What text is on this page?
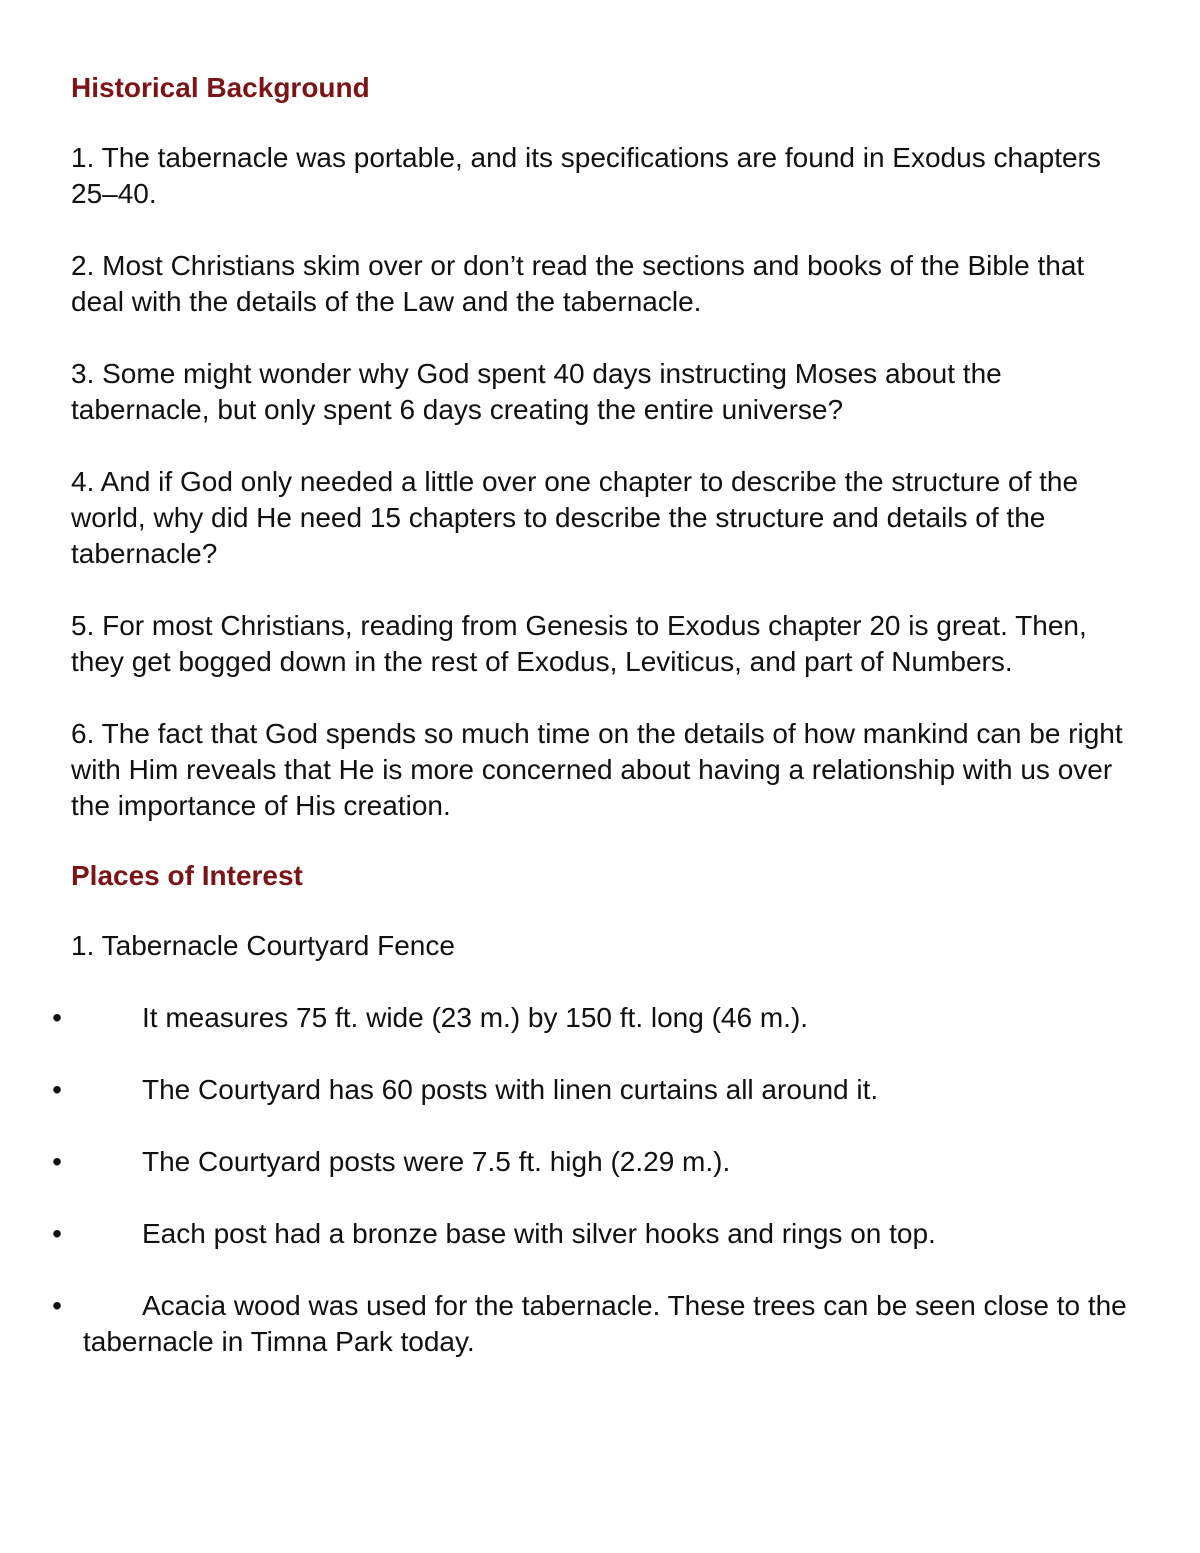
Historical Background

1. The tabernacle was portable, and its specifications are found in Exodus chapters 25–40.

2. Most Christians skim over or don’t read the sections and books of the Bible that deal with the details of the Law and the tabernacle.

3. Some might wonder why God spent 40 days instructing Moses about the tabernacle, but only spent 6 days creating the entire universe?

4. And if God only needed a little over one chapter to describe the structure of the world, why did He need 15 chapters to describe the structure and details of the tabernacle?

5. For most Christians, reading from Genesis to Exodus chapter 20 is great. Then, they get bogged down in the rest of Exodus, Leviticus, and part of Numbers.

6. The fact that God spends so much time on the details of how mankind can be right with Him reveals that He is more concerned about having a relationship with us over the importance of His creation.

Places of Interest

1. Tabernacle Courtyard Fence

•	It measures 75 ft. wide (23 m.) by 150 ft. long (46 m.).
•	The Courtyard has 60 posts with linen curtains all around it.
•	The Courtyard posts were 7.5 ft. high (2.29 m.).
•	Each post had a bronze base with silver hooks and rings on top.
•	Acacia wood was used for the tabernacle. These trees can be seen close to the tabernacle in Timna Park today.
